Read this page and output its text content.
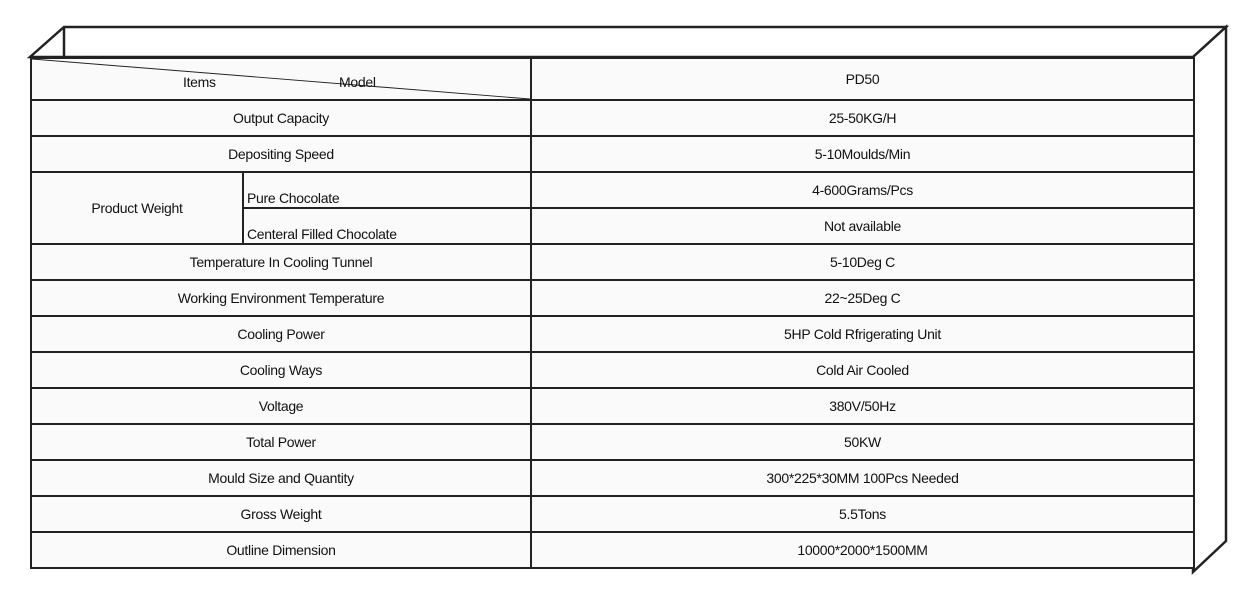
Items Model		PD50
Output Capacity		25-50KG/H
Depositing Speed		5-10Moulds/Min
Product Weight	Pure Chocolate	4-600Grams/Pcs
	Centeral Filled Chocolate	Not available
Temperature In Cooling Tunnel		5-10Deg C
Working Environment Temperature		22~25Deg C
Cooling Power		5HP Cold Rfrigerating Unit
Cooling Ways		Cold Air Cooled
Voltage		380V/50Hz
Total Power		50KW
Mould Size and Quantity		300*225*30MM 100Pcs Needed
Gross Weight		5.5Tons
Outline Dimension		10000*2000*1500MM
